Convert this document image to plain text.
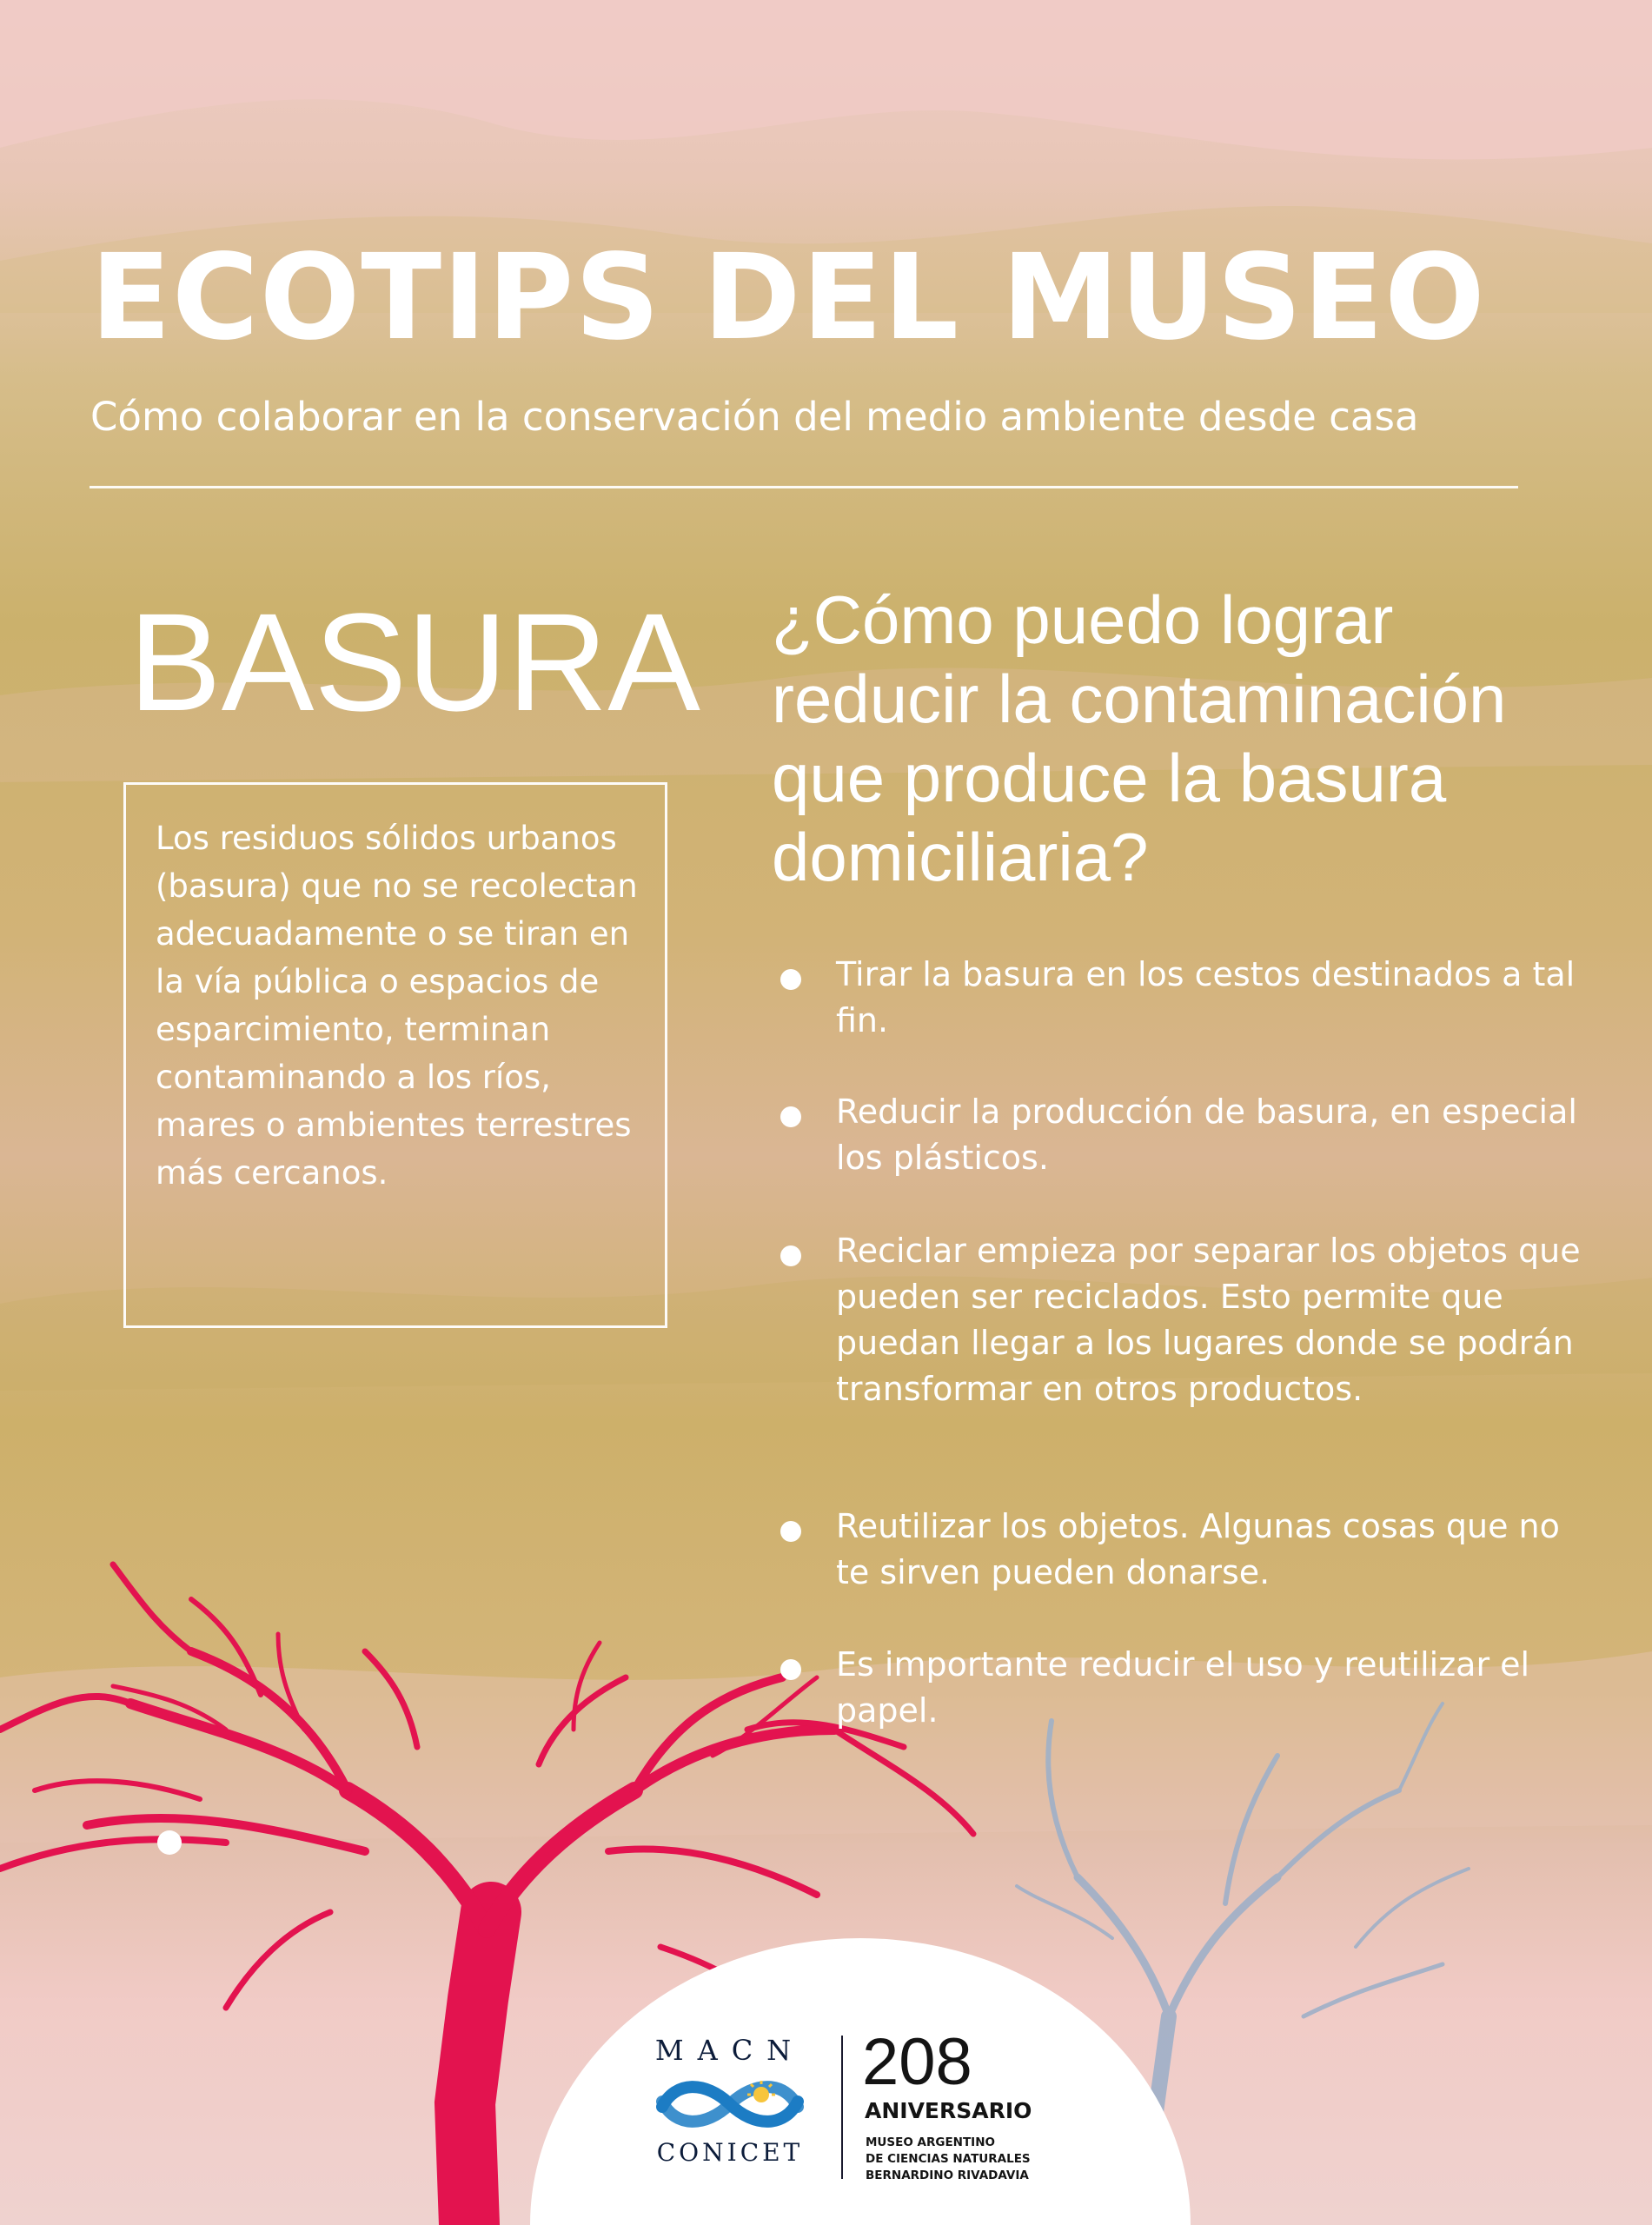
ECOTIPS DEL MUSEO

Cómo colaborar en la conservación del medio ambiente desde casa

BASURA

Los residuos sólidos urbanos (basura) que no se recolectan adecuadamente o se tiran en la vía pública o espacios de esparcimiento, terminan contaminando a los ríos, mares o ambientes terrestres más cercanos.

¿Cómo puedo lograr reducir la contaminación que produce la basura domiciliaria?

Tirar la basura en los cestos destinados a tal fin.

Reducir la producción de basura, en especial los plásticos.

Reciclar empieza por separar los objetos que pueden ser reciclados. Esto permite que puedan llegar a los lugares donde se podrán transformar en otros productos.

Reutilizar los objetos. Algunas cosas que no te sirven pueden donarse.

Es importante reducir el uso y reutilizar el papel.

MACN
CONICET
208
ANIVERSARIO
MUSEO ARGENTINO
DE CIENCIAS NATURALES
BERNARDINO RIVADAVIA
